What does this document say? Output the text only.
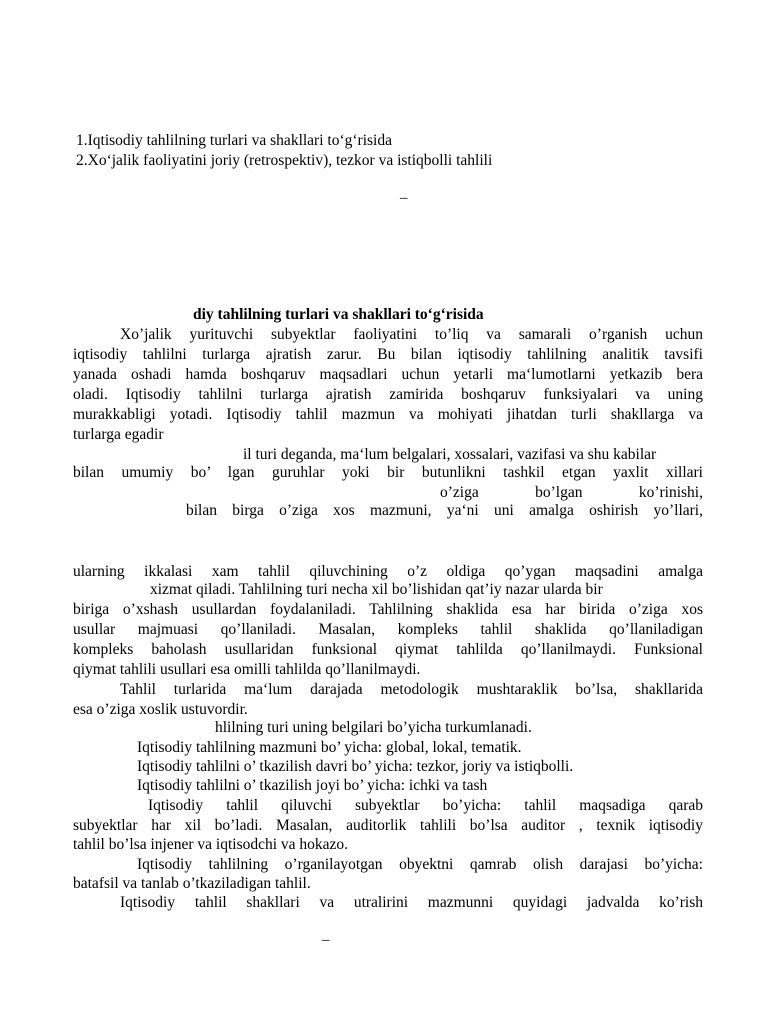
1.Iqtisodiy tahlilning turlari va shakllari to‘g‘risida
2.Xo‘jalik faoliyatini joriy (retrospektiv), tezkor va istiqbolli tahlili
–
diy tahlilning turlari va shakllari to‘g‘risida
Xo’jalik yurituvchi subyektlar faoliyatini to’liq va samarali o’rganish uchun
iqtisodiy tahlilni turlarga ajratish zarur. Bu bilan iqtisodiy tahlilning analitik tavsifi
yanada oshadi hamda boshqaruv maqsadlari uchun yetarli ma‘lumotlarni yetkazib bera
oladi. Iqtisodiy tahlilni turlarga ajratish zamirida boshqaruv funksiyalari va uning
murakkabligi yotadi. Iqtisodiy tahlil mazmun va mohiyati jihatdan turli shakllarga va
turlarga egadir
il turi deganda, ma‘lum belgalari, xossalari, vazifasi va shu kabilar
bilan umumiy bo’ lgan guruhlar yoki bir butunlikni tashkil etgan yaxlit xillari
o’ziga bo’lgan ko’rinishi,
bilan birga o’ziga xos mazmuni, ya‘ni uni amalga oshirish yo’llari,
ularning ikkalasi xam tahlil qiluvchining o’z oldiga qo’ygan maqsadini amalga
xizmat qiladi. Tahlilning turi necha xil bo’lishidan qat’iy nazar ularda bir
biriga o’xshash usullardan foydalaniladi. Tahlilning shaklida esa har birida o’ziga xos
usullar majmuasi qo’llaniladi. Masalan, kompleks tahlil shaklida qo’llaniladigan
kompleks baholash usullaridan funksional qiymat tahlilda qo’llanilmaydi. Funksional
qiymat tahlili usullari esa omilli tahlilda qo’llanilmaydi.
Tahlil turlarida ma‘lum darajada metodologik mushtaraklik bo’lsa, shakllarida
esa o’ziga xoslik ustuvordir.
hlilning turi uning belgilari bo’yicha turkumlanadi.
Iqtisodiy tahlilning mazmuni bo’ yicha: global, lokal, tematik.
Iqtisodiy tahlilni o’ tkazilish davri bo’ yicha: tezkor, joriy va istiqbolli.
Iqtisodiy tahlilni o’ tkazilish joyi bo’ yicha: ichki va tash
Iqtisodiy tahlil qiluvchi subyektlar bo’yicha: tahlil maqsadiga qarab
subyektlar har xil bo’ladi. Masalan, auditorlik tahlili bo’lsa auditor , texnik iqtisodiy
tahlil bo’lsa injener va iqtisodchi va hokazo.
Iqtisodiy tahlilning o’rganilayotgan obyektni qamrab olish darajasi bo’yicha:
batafsil va tanlab o’tkaziladigan tahlil.
Iqtisodiy tahlil shakllari va utralirini mazmunni quyidagi jadvalda ko’rish
–
